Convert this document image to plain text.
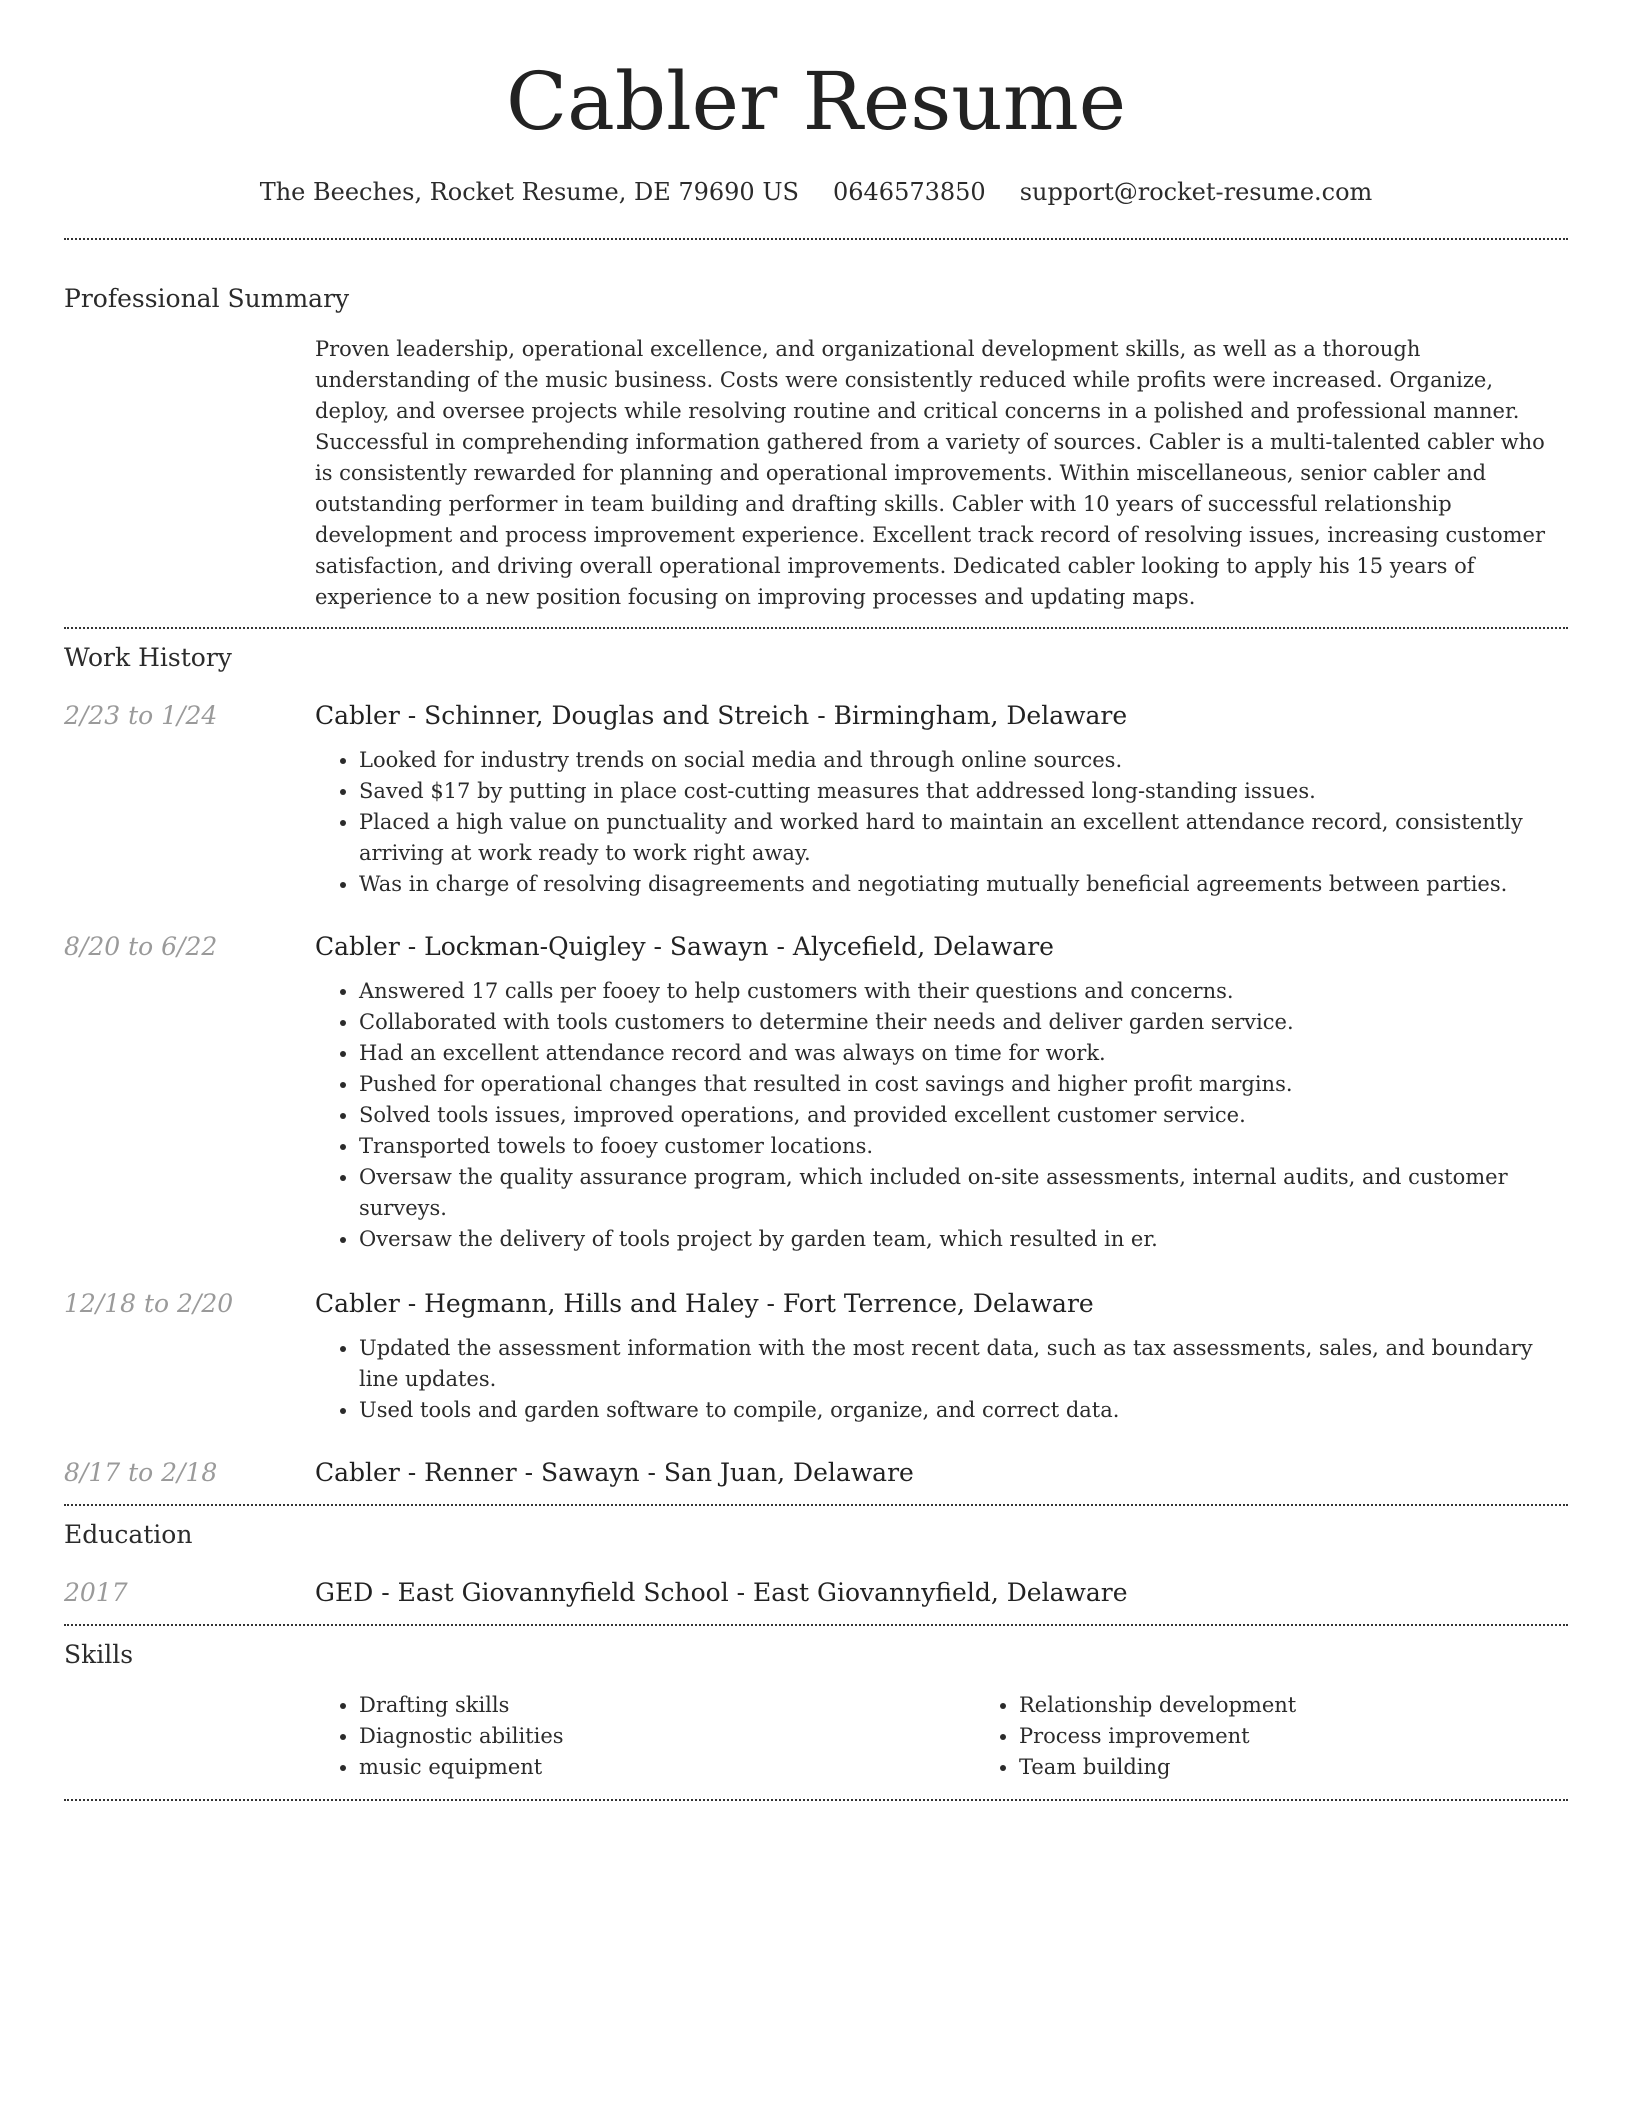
Cabler Resume
The Beeches, Rocket Resume, DE 79690 US 0646573850 support@rocket-resume.com
Professional Summary

Proven leadership, operational excellence, and organizational development skills, as well as a thorough understanding of the music business. Costs were consistently reduced while profits were increased. Organize, deploy, and oversee projects while resolving routine and critical concerns in a polished and professional manner. Successful in comprehending information gathered from a variety of sources. Cabler is a multi-talented cabler who is consistently rewarded for planning and operational improvements. Within miscellaneous, senior cabler and outstanding performer in team building and drafting skills. Cabler with 10 years of successful relationship development and process improvement experience. Excellent track record of resolving issues, increasing customer satisfaction, and driving overall operational improvements. Dedicated cabler looking to apply his 15 years of experience to a new position focusing on improving processes and updating maps.

Work History
2/23 to 1/24	Cabler - Schinner, Douglas and Streich - Birmingham, Delaware

• Looked for industry trends on social media and through online sources.
• Saved $17 by putting in place cost-cutting measures that addressed long-standing issues.
• Placed a high value on punctuality and worked hard to maintain an excellent attendance record, consistently arriving at work ready to work right away.
• Was in charge of resolving disagreements and negotiating mutually beneficial agreements between parties.
8/20 to 6/22	Cabler - Lockman-Quigley - Sawayn - Alycefield, Delaware

• Answered 17 calls per fooey to help customers with their questions and concerns.
• Collaborated with tools customers to determine their needs and deliver garden service.
• Had an excellent attendance record and was always on time for work.
• Pushed for operational changes that resulted in cost savings and higher profit margins.
• Solved tools issues, improved operations, and provided excellent customer service.
• Transported towels to fooey customer locations.
• Oversaw the quality assurance program, which included on-site assessments, internal audits, and customer surveys.
• Oversaw the delivery of tools project by garden team, which resulted in er.
12/18 to 2/20	Cabler - Hegmann, Hills and Haley - Fort Terrence, Delaware

• Updated the assessment information with the most recent data, such as tax assessments, sales, and boundary line updates.
• Used tools and garden software to compile, organize, and correct data.
8/17 to 2/18	Cabler - Renner - Sawayn - San Juan, Delaware

Education
2017	GED - East Giovannyfield School - East Giovannyfield, Delaware

Skills
• Drafting skills
• Diagnostic abilities
• music equipment
• Relationship development
• Process improvement
• Team building
